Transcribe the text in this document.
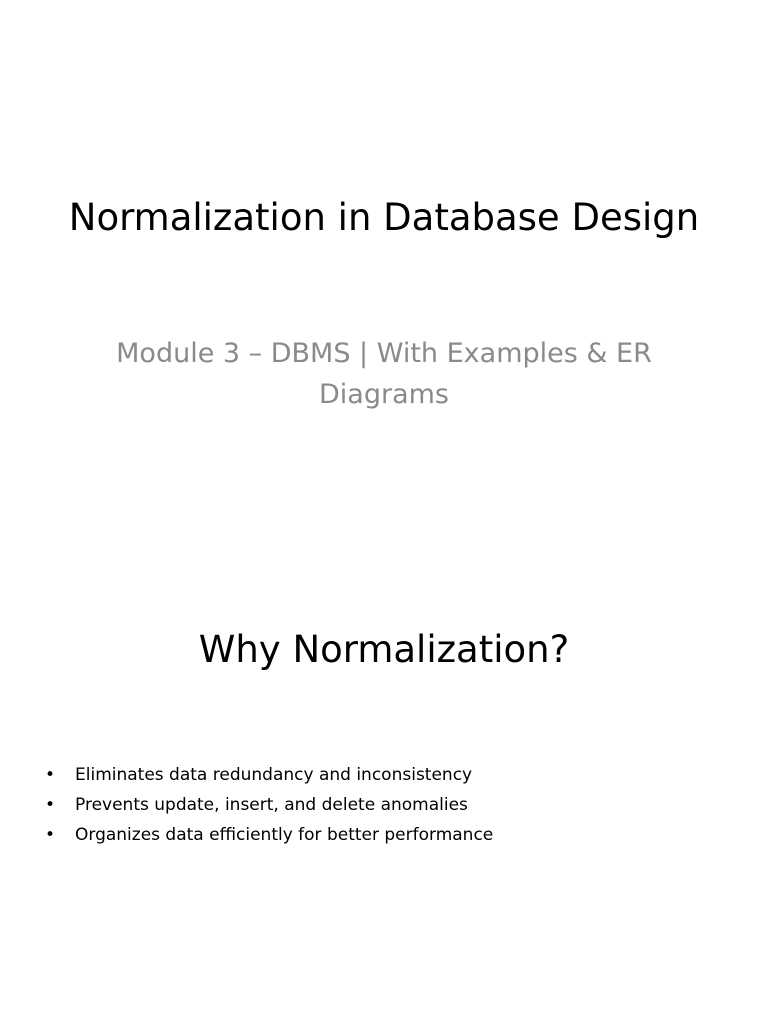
Normalization in Database Design
Module 3 – DBMS | With Examples & ER Diagrams
Why Normalization?
• Eliminates data redundancy and inconsistency
• Prevents update, insert, and delete anomalies
• Organizes data efficiently for better performance
